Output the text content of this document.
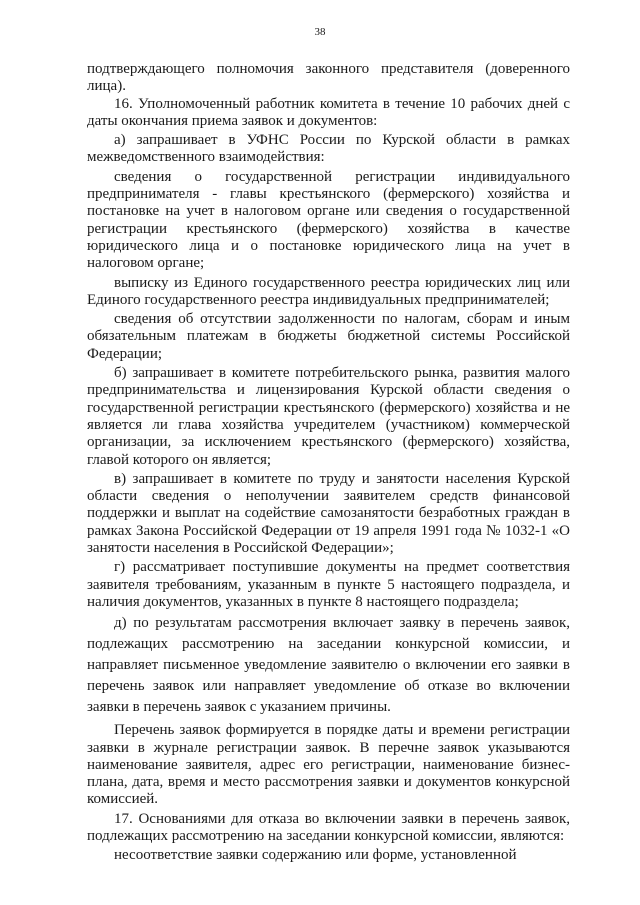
38

подтверждающего полномочия законного представителя (доверенного лица).

16. Уполномоченный работник комитета в течение 10 рабочих дней с даты окончания приема заявок и документов:

а) запрашивает в УФНС России по Курской области в рамках межведомственного взаимодействия:

сведения о государственной регистрации индивидуального предпринимателя - главы крестьянского (фермерского) хозяйства и постановке на учет в налоговом органе или сведения о государственной регистрации крестьянского (фермерского) хозяйства в качестве юридического лица и о постановке юридического лица на учет в налоговом органе;

выписку из Единого государственного реестра юридических лиц или Единого государственного реестра индивидуальных предпринимателей;

сведения об отсутствии задолженности по налогам, сборам и иным обязательным платежам в бюджеты бюджетной системы Российской Федерации;

б) запрашивает в комитете потребительского рынка, развития малого предпринимательства и лицензирования Курской области сведения о государственной регистрации крестьянского (фермерского) хозяйства и не является ли глава хозяйства учредителем (участником) коммерческой организации, за исключением крестьянского (фермерского) хозяйства, главой которого он является;

в) запрашивает в комитете по труду и занятости населения Курской области сведения о неполучении заявителем средств финансовой поддержки и выплат на содействие самозанятости безработных граждан в рамках Закона Российской Федерации от 19 апреля 1991 года № 1032-1 «О занятости населения в Российской Федерации»;

г) рассматривает поступившие документы на предмет соответствия заявителя требованиям, указанным в пункте 5 настоящего подраздела, и наличия документов, указанных в пункте 8 настоящего подраздела;

д) по результатам рассмотрения включает заявку в перечень заявок, подлежащих рассмотрению на заседании конкурсной комиссии, и направляет письменное уведомление заявителю о включении его заявки в перечень заявок или направляет уведомление об отказе во включении заявки в перечень заявок с указанием причины.

Перечень заявок формируется в порядке даты и времени регистрации заявки в журнале регистрации заявок. В перечне заявок указываются наименование заявителя, адрес его регистрации, наименование бизнес-плана, дата, время и место рассмотрения заявки и документов конкурсной комиссией.

17. Основаниями для отказа во включении заявки в перечень заявок, подлежащих рассмотрению на заседании конкурсной комиссии, являются:

несоответствие заявки содержанию или форме, установленной
